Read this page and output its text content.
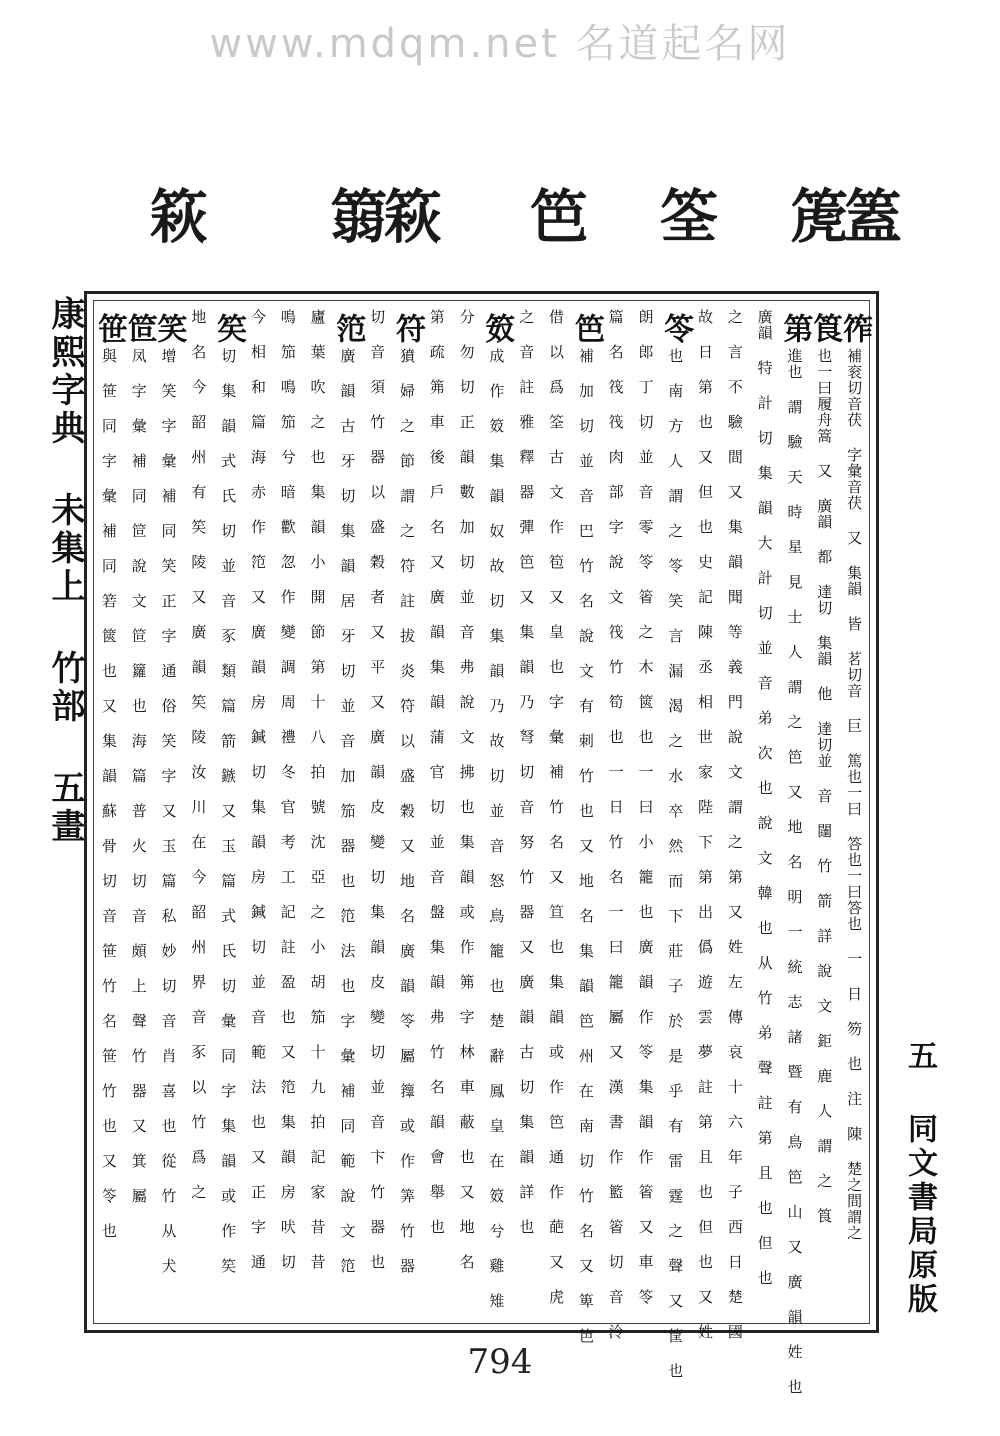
www.mdqm.net 名道起名网
篍 篛篍 笆 筌 箎篕
康熙字典 未集上 竹部 五畫	筰補衮切音茯 字彙音茯 又 集韻 皆 茗切音 巨 篤也一曰 答也一曰答也 一 日 笏 也 注 陳 楚之間謂之
筤也一曰履舟篙 又 廣韻 都 達切 集韻 他 達切並 音 闥 竹 箭 詳 說 文 鉅 鹿 人 謂 之 筤
第進也 謂 驗 天 時 星 見 士 人 謂 之 笆 又 地 名 明 一 統 志 諸 暨 有 鳥 笆 山 又 廣 韻 姓 也
廣韻 特 計 切 集 韻 大 計 切 並 音 弟 次 也 說 文 韓 也 从 竹 弟 聲 註 第 且 也 但 也
之 言 不 驗 間 又 集 韻 聞 等 義 門 說 文 謂 之 第 又 姓 左 傳 哀 十 六 年 子 西 日 楚 國
故 日 第 也 又 但 也 史 記 陳 丞 相 世 家 陛 下 第 出 僞 遊 雲 夢 註 第 且 也 但 也 又 姓
笭也 南 方 人 謂 之 笭 笑 言 漏 渴 之 水 卒 然 而 下 莊 子 於 是 乎 有 雷 霆 之 聲 又 筐 也
朗 郎 丁 切 並 音 零 笭 箵 之 木 篋 也 一 曰 小 籠 也 廣 韻 作 笭 集 韻 作 箵 又 車 笭
篇 名 筏 筏 肉 部 字 說 文 筏 竹 筍 也 一 日 竹 名 一 曰 籠 屬 又 漢 書 作 籃 箵 切 音 泠
笆補 加 切 並 音 巴 竹 名 說 文 有 刺 竹 也 又 地 名 集 韻 笆 州 在 南 切 竹 名 又 箄 笆
借 以 爲 筌 古 文 作 笣 又 皇 也 字 彙 補 竹 名 又 笪 也 集 韻 或 作 笆 通 作 葩 又 虎
之 音 註 雅 釋 器 彈 笆 又 集 韻 乃 弩 切 音 努 竹 器 又 廣 韻 古 切 集 韻 詳 也
笯成 作 笯 集 韻 奴 故 切 集 韻 乃 故 切 並 音 怒 鳥 籠 也 楚 辭 鳳 皇 在 笯 兮 雞 雉
分 勿 切 正 韻 數 加 切 並 音 弗 說 文 拂 也 集 韻 或 作 笰 字 林 車 蔽 也 又 地 名
第 疏 笰 車 後 戶 名 又 廣 韻 集 韻 蒲 官 切 並 音 盤 集 韻 弗 竹 名 韻 會 舉 也
符獖 婦 之 節 謂 之 符 註 拔 炎 符 以 盛 穀 又 地 名 廣 韻 笭 屬 籜 或 作 筭 竹 器
切 音 須 竹 器 以 盛 穀 者 又 平 又 廣 韻 皮 變 切 集 韻 皮 變 切 並 音 卞 竹 器 也
笵廣 韻 古 牙 切 集 韻 居 牙 切 並 音 加 笳 器 也 笵 法 也 字 彙 補 同 範 說 文 笵
廬 葉 吹 之 也 集 韻 小 開 節 第 十 八 拍 號 沈 亞 之 小 胡 笳 十 九 拍 記 家 昔 昔
鳴 笳 鳴 笳 兮 暗 歡 忽 作 變 調 周 禮 冬 官 考 工 記 註 盈 也 又 笵 集 韻 房 吠 切
今 相 和 篇 海 赤 作 笵 又 廣 韻 房 鍼 切 集 韻 房 鍼 切 並 音 範 法 也 又 正 字 通
笶切 集 韻 式 氏 切 並 音 豕 類 篇 箭 鏃 又 玉 篇 式 氏 切 彙 同 字 集 韻 或 作 笶
地 名 今 韶 州 有 笶 陵 又 廣 韻 笶 陵 汝 川 在 今 韶 州 界 音 豕 以 竹 爲 之
笑增 笑 字 彙 補 同 笑 正 字 通 俗 笑 字 又 玉 篇 私 妙 切 音 肖 喜 也 從 竹 从 犬
笸凤 字 彙 補 同 笸 說 文 笸 籮 也 海 篇 普 火 切 音 頗 上 聲 竹 器 又 箕 屬
笹與 笹 同 字 彙 補 同 箬 篋 也 又 集 韻 蘇 骨 切 音 笹 竹 名 笹 竹 也 又 笭 也	五 同文書局原版
794
